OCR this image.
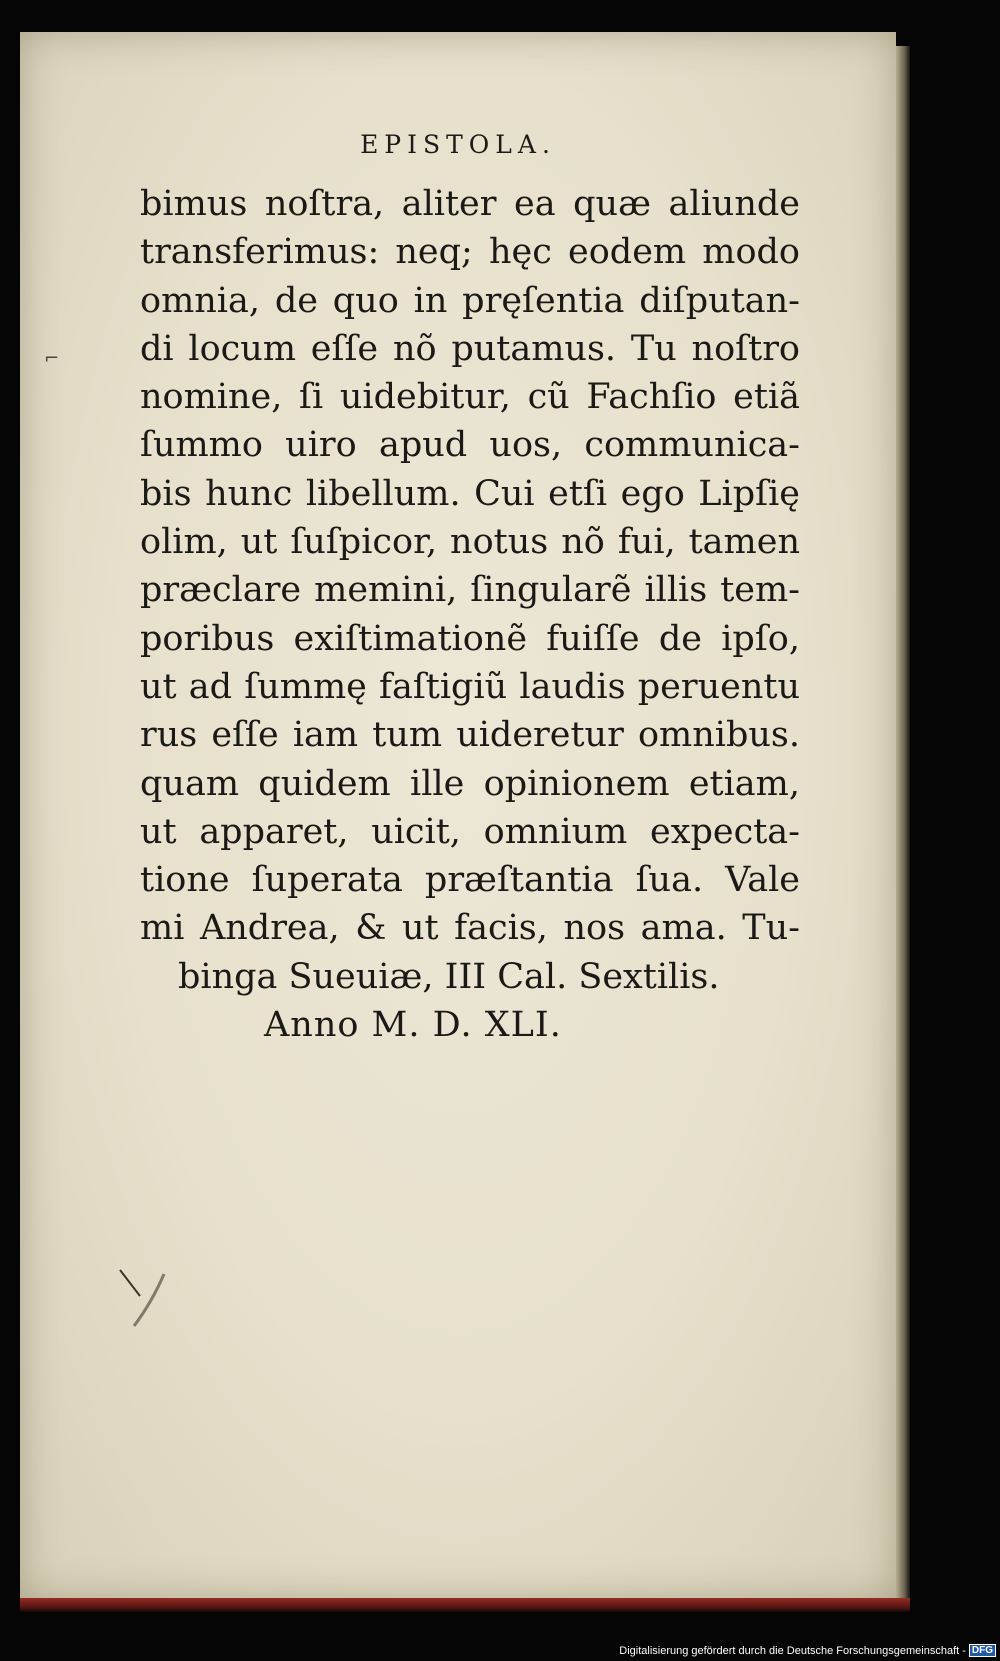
EPISTOLA.
⌐
bimus noſtra, aliter ea quæ aliunde
transferimus: neq; hęc eodem modo
omnia, de quo in pręſentia diſputan-
di locum eſſe nõ putamus. Tu noſtro
nomine, ſi uidebitur, cũ Fachſio etiã
ſummo uiro apud uos, communica-
bis hunc libellum. Cui etſi ego Lipſię
olim, ut ſuſpicor, notus nõ fui, tamen
præclare memini, ſingularẽ illis tem-
poribus exiſtimationẽ fuiſſe de ipſo,
ut ad ſummę faſtigiũ laudis peruentu
rus eſſe iam tum uideretur omnibus.
quam quidem ille opinionem etiam,
ut apparet, uicit, omnium expecta-
tione ſuperata præſtantia ſua. Vale
mi Andrea, & ut facis, nos ama. Tu-
binga Sueuiæ, III Cal. Sextilis.
Anno M. D. XLI.
Digitalisierung gefördert durch die Deutsche Forschungsgemeinschaft - DFG
